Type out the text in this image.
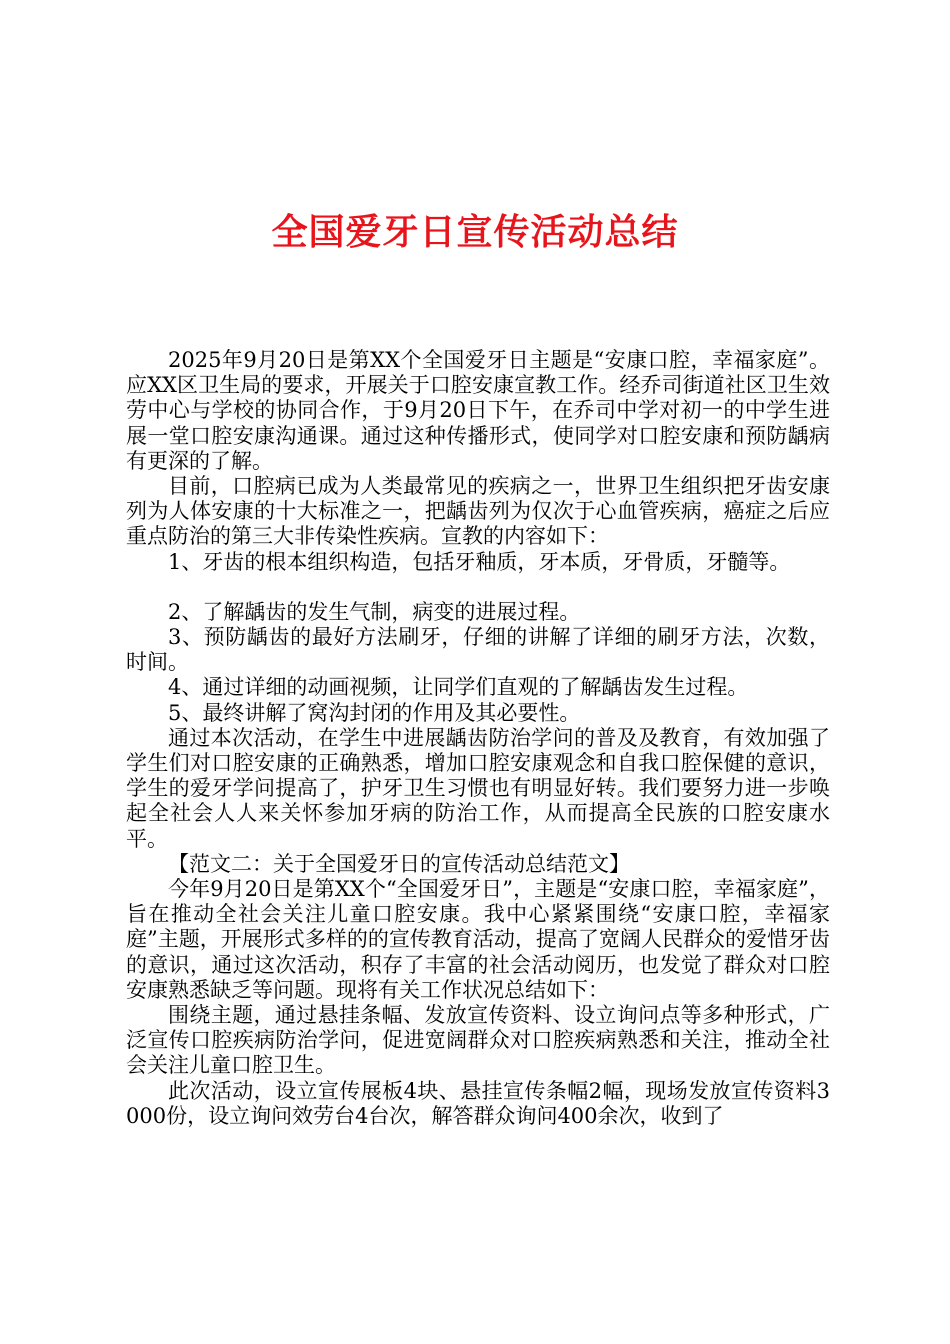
全国爱牙日宣传活动总结

2025年9月20日是第XX个全国爱牙日主题是“安康口腔，幸福家庭”。应XX区卫生局的要求，开展关于口腔安康宣教工作。经乔司街道社区卫生效劳中心与学校的协同合作，于9月20日下午，在乔司中学对初一的中学生进展一堂口腔安康沟通课。通过这种传播形式，使同学对口腔安康和预防龋病有更深的了解。

目前，口腔病已成为人类最常见的疾病之一，世界卫生组织把牙齿安康列为人体安康的十大标准之一，把龋齿列为仅次于心血管疾病，癌症之后应重点防治的第三大非传染性疾病。宣教的内容如下：

1、牙齿的根本组织构造，包括牙釉质，牙本质，牙骨质，牙髓等。

2、了解龋齿的发生气制，病变的进展过程。

3、预防龋齿的最好方法刷牙，仔细的讲解了详细的刷牙方法，次数，时间。

4、通过详细的动画视频，让同学们直观的了解龋齿发生过程。

5、最终讲解了窝沟封闭的作用及其必要性。

通过本次活动，在学生中进展龋齿防治学问的普及及教育，有效加强了学生们对口腔安康的正确熟悉，增加口腔安康观念和自我口腔保健的意识，学生的爱牙学问提高了，护牙卫生习惯也有明显好转。我们要努力进一步唤起全社会人人来关怀参加牙病的防治工作，从而提高全民族的口腔安康水平。

【范文二：关于全国爱牙日的宣传活动总结范文】

今年9月20日是第XX个“全国爱牙日”，主题是“安康口腔，幸福家庭”，旨在推动全社会关注儿童口腔安康。我中心紧紧围绕“安康口腔，幸福家庭”主题，开展形式多样的的宣传教育活动，提高了宽阔人民群众的爱惜牙齿的意识，通过这次活动，积存了丰富的社会活动阅历，也发觉了群众对口腔安康熟悉缺乏等问题。现将有关工作状况总结如下：

围绕主题，通过悬挂条幅、发放宣传资料、设立询问点等多种形式，广泛宣传口腔疾病防治学问，促进宽阔群众对口腔疾病熟悉和关注，推动全社会关注儿童口腔卫生。

此次活动，设立宣传展板4块、悬挂宣传条幅2幅，现场发放宣传资料3000份，设立询问效劳台4台次，解答群众询问400余次，收到了
